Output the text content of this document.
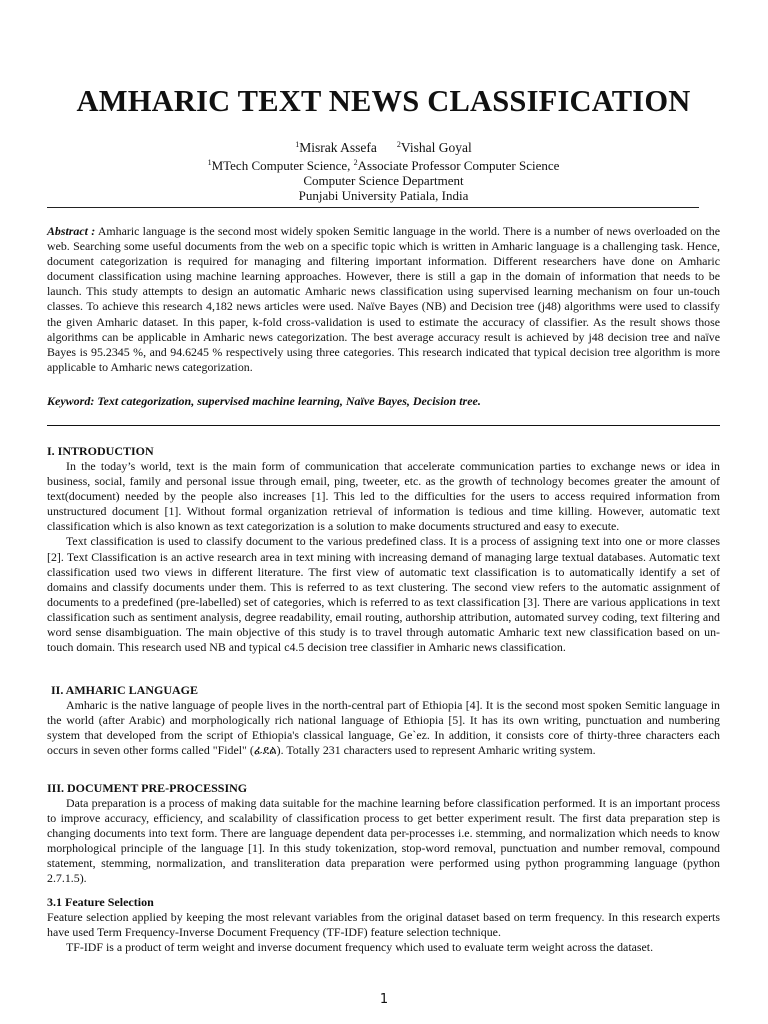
AMHARIC TEXT NEWS CLASSIFICATION
$^1$Misrak Assefa	$^2$Vishal Goyal
$^1$MTech Computer Science, $^2$Associate Professor Computer Science
Computer Science Department
Punjabi University Patiala, India
Abstract : Amharic language is the second most widely spoken Semitic language in the world. There is a number of news overloaded on the web. Searching some useful documents from the web on a specific topic which is written in Amharic language is a challenging task. Hence, document categorization is required for managing and filtering important information. Different researchers have done on Amharic document classification using machine learning approaches. However, there is still a gap in the domain of information that needs to be launch. This study attempts to design an automatic Amharic news classification using supervised learning mechanism on four un-touch classes. To achieve this research 4,182 news articles were used. Naïve Bayes (NB) and Decision tree (j48) algorithms were used to classify the given Amharic dataset. In this paper, k-fold cross-validation is used to estimate the accuracy of classifier. As the result shows those algorithms can be applicable in Amharic news categorization. The best average accuracy result is achieved by j48 decision tree and naïve Bayes is 95.2345 %, and 94.6245 % respectively using three categories. This research indicated that typical decision tree algorithm is more applicable to Amharic news categorization.
Keyword: Text categorization, supervised machine learning, Naïve Bayes, Decision tree.
I. INTRODUCTION

In the today’s world, text is the main form of communication that accelerate communication parties to exchange news or idea in business, social, family and personal issue through email, ping, tweeter, etc. as the growth of technology becomes greater the amount of text(document) needed by the people also increases [1]. This led to the difficulties for the users to access required information from unstructured document [1]. Without formal organization retrieval of information is tedious and time killing. However, automatic text classification which is also known as text categorization is a solution to make documents structured and easy to execute.

Text classification is used to classify document to the various predefined class. It is a process of assigning text into one or more classes [2]. Text Classification is an active research area in text mining with increasing demand of managing large textual databases. Automatic text classification used two views in different literature. The first view of automatic text classification is to automatically identify a set of domains and classify documents under them. This is referred to as text clustering. The second view refers to the automatic assignment of documents to a predefined (pre-labelled) set of categories, which is referred to as text classification [3]. There are various applications in text classification such as sentiment analysis, degree readability, email routing, authorship attribution, automated survey coding, text filtering and word sense disambiguation. The main objective of this study is to travel through automatic Amharic text new classification based on un-touch domain. This research used NB and typical c4.5 decision tree classifier in Amharic news classification.

II. AMHARIC LANGUAGE

Amharic is the native language of people lives in the north-central part of Ethiopia [4]. It is the second most spoken Semitic language in the world (after Arabic) and morphologically rich national language of Ethiopia [5]. It has its own writing, punctuation and numbering system that developed from the script of Ethiopia's classical language, Ge`ez. In addition, it consists core of thirty-three characters each occurs in seven other forms called "Fidel" (ፊደል). Totally 231 characters used to represent Amharic writing system.

III. DOCUMENT PRE-PROCESSING

Data preparation is a process of making data suitable for the machine learning before classification performed. It is an important process to improve accuracy, efficiency, and scalability of classification process to get better experiment result. The first data preparation step is changing documents into text form. There are language dependent data per-processes i.e. stemming, and normalization which needs to know morphological principle of the language [1]. In this study tokenization, stop-word removal, punctuation and number removal, compound statement, stemming, normalization, and transliteration data preparation were performed using python programming language (python 2.7.1.5).

3.1 Feature Selection

Feature selection applied by keeping the most relevant variables from the original dataset based on term frequency. In this research experts have used Term Frequency-Inverse Document Frequency (TF-IDF) feature selection technique.

TF-IDF is a product of term weight and inverse document frequency which used to evaluate term weight across the dataset.

1
